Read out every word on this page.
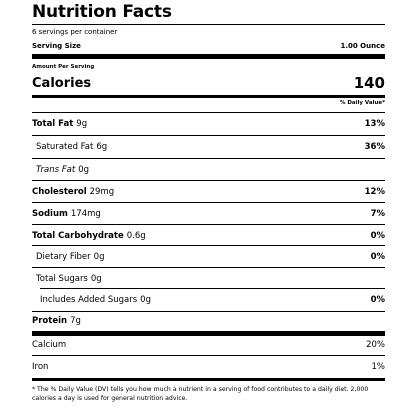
Nutrition Facts
6 servings per container
Serving Size	1.00 Ounce
Amount Per Serving
Calories	140
% Daily Value*
Total Fat 9g	13%
Saturated Fat 6g	36%
Trans Fat 0g
Cholesterol 29mg	12%
Sodium 174mg	7%
Total Carbohydrate 0.6g	0%
Dietary Fiber 0g	0%
Total Sugars 0g
Includes Added Sugars 0g	0%
Protein 7g
Calcium	20%
Iron	1%
* The % Daily Value (DV) tells you how much a nutrient in a serving of food contributes to a daily diet. 2,000 calories a day is used for general nutrition advice.
